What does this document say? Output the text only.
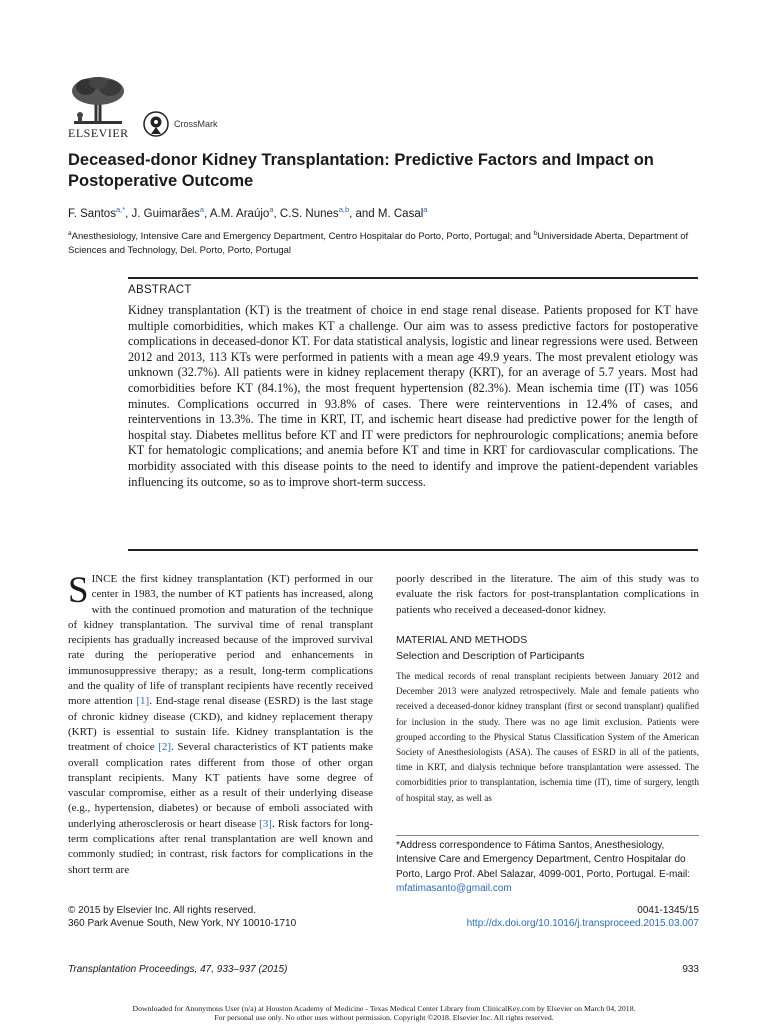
ELSEVIER
CrossMark
Deceased-donor Kidney Transplantation: Predictive Factors and Impact on Postoperative Outcome
F. Santos$^{a,*}$, J. Guimarães$^a$, A.M. Araújo$^a$, C.S. Nunes$^{a,b}$, and M. Casal$^a$
$^a$Anesthesiology, Intensive Care and Emergency Department, Centro Hospitalar do Porto, Porto, Portugal; and $^b$Universidade Aberta, Department of Sciences and Technology, Del. Porto, Porto, Portugal
ABSTRACT
Kidney transplantation (KT) is the treatment of choice in end stage renal disease. Patients proposed for KT have multiple comorbidities, which makes KT a challenge. Our aim was to assess predictive factors for postoperative complications in deceased-donor KT. For data statistical analysis, logistic and linear regressions were used. Between 2012 and 2013, 113 KTs were performed in patients with a mean age 49.9 years. The most prevalent etiology was unknown (32.7%). All patients were in kidney replacement therapy (KRT), for an average of 5.7 years. Most had comorbidities before KT (84.1%), the most frequent hypertension (82.3%). Mean ischemia time (IT) was 1056 minutes. Complications occurred in 93.8% of cases. There were reinterventions in 12.4% of cases, and reinterventions in 13.3%. The time in KRT, IT, and ischemic heart disease had predictive power for the length of hospital stay. Diabetes mellitus before KT and IT were predictors for nephrourologic complications; anemia before KT for hematologic complications; and anemia before KT and time in KRT for cardiovascular complications. The morbidity associated with this disease points to the need to identify and improve the patient-dependent variables influencing its outcome, so as to improve short-term success.
SINCE the first kidney transplantation (KT) performed in our center in 1983, the number of KT patients has increased, along with the continued promotion and maturation of the technique of kidney transplantation. The survival time of renal transplant recipients has gradually increased because of the improved survival rate during the perioperative period and enhancements in immunosuppressive therapy; as a result, long-term complications and the quality of life of transplant recipients have recently received more attention [1]. End-stage renal disease (ESRD) is the last stage of chronic kidney disease (CKD), and kidney replacement therapy (KRT) is essential to sustain life. Kidney transplantation is the treatment of choice [2]. Several characteristics of KT patients make overall complication rates different from those of other organ transplant recipients. Many KT patients have some degree of vascular compromise, either as a result of their underlying disease (e.g., hypertension, diabetes) or because of emboli associated with underlying atherosclerosis or heart disease [3]. Risk factors for long-term complications after renal transplantation are well known and commonly studied; in contrast, risk factors for complications in the short term are
poorly described in the literature. The aim of this study was to evaluate the risk factors for post-transplantation complications in patients who received a deceased-donor kidney.
MATERIAL AND METHODS
Selection and Description of Participants
The medical records of renal transplant recipients between January 2012 and December 2013 were analyzed retrospectively. Male and female patients who received a deceased-donor kidney transplant (first or second transplant) qualified for inclusion in the study. There was no age limit exclusion. Patients were grouped according to the Physical Status Classification System of the American Society of Anesthesiologists (ASA). The causes of ESRD in all of the patients, time in KRT, and dialysis technique before transplantation were assessed. The comorbidities prior to transplantation, ischemia time (IT), time of surgery, length of hospital stay, as well as
*Address correspondence to Fátima Santos, Anesthesiology, Intensive Care and Emergency Department, Centro Hospitalar do Porto, Largo Prof. Abel Salazar, 4099-001, Porto, Portugal. E-mail: mfatimasanto@gmail.com
© 2015 by Elsevier Inc. All rights reserved.
360 Park Avenue South, New York, NY 10010-1710
0041-1345/15
http://dx.doi.org/10.1016/j.transproceed.2015.03.007
Transplantation Proceedings, 47, 933–937 (2015)	933
Downloaded for Anonymous User (n/a) at Houston Academy of Medicine - Texas Medical Center Library from ClinicalKey.com by Elsevier on March 04, 2018.
For personal use only. No other uses without permission. Copyright ©2018. Elsevier Inc. All rights reserved.
